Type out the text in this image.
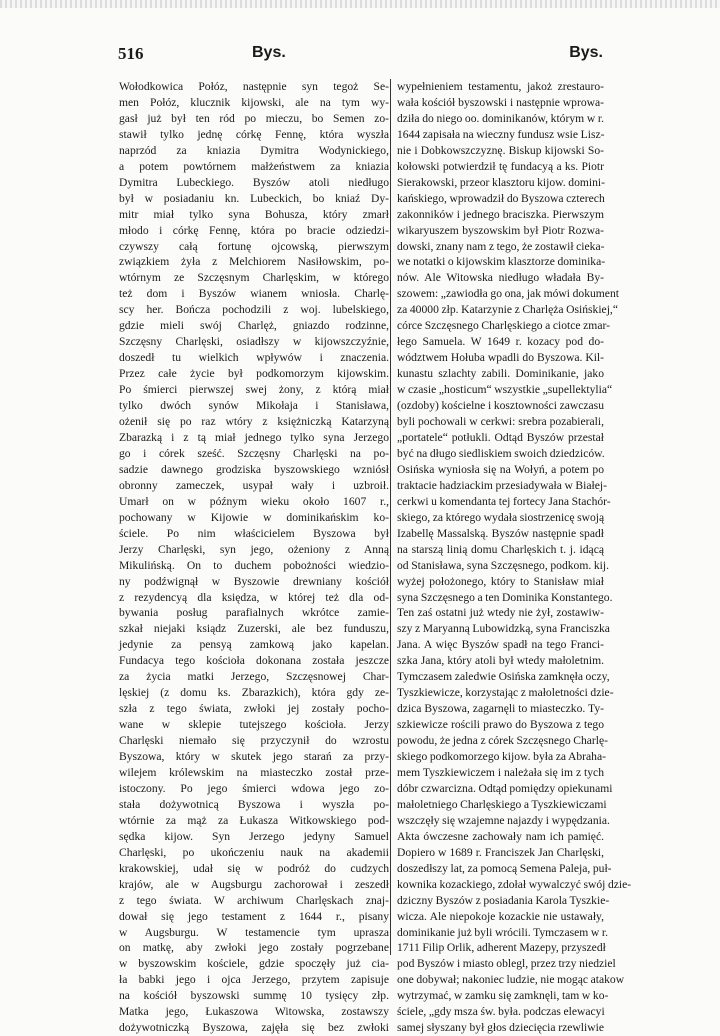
516	Bys.	Bys.
Wołodkowica Połóz, następnie syn tegoż Se-
men Połóz, klucznik kijowski, ale na tym wy-
gasł już był ten ród po mieczu, bo Semen zo-
stawił tylko jednę córkę Fennę, która wyszła
naprzód za kniazia Dymitra Wodynickiego,
a potem powtórnem małżeństwem za kniazia
Dymitra Lubeckiego. Byszów atoli niedługo
był w posiadaniu kn. Lubeckich, bo kniaź Dy-
mitr miał tylko syna Bohusza, który zmarł
młodo i córkę Fennę, która po bracie odziedzi-
czywszy całą fortunę ojcowską, pierwszym
związkiem żyła z Melchiorem Nasiłowskim, po-
wtórnym ze Szczęsnym Charlęskim, w którego
też dom i Byszów wianem wniosła. Charlę-
scy her. Bończa pochodzili z woj. lubelskiego,
gdzie mieli swój Charlęż, gniazdo rodzinne,
Szczęsny Charlęski, osiadłszy w kijowszczyźnie,
doszedł tu wielkich wpływów i znaczenia.
Przez całe życie był podkomorzym kijowskim.
Po śmierci pierwszej swej żony, z którą miał
tylko dwóch synów Mikołaja i Stanisława,
ożenił się po raz wtóry z księżniczką Katarzyną
Zbarazką i z tą miał jednego tylko syna Jerzego
go i córek sześć. Szczęsny Charlęski na po-
sadzie dawnego grodziska byszowskiego wzniósł
obronny zameczek, usypał wały i uzbroił.
Umarł on w późnym wieku około 1607 r.,
pochowany w Kijowie w dominikańskim ko-
ściele. Po nim właścicielem Byszowa był
Jerzy Charlęski, syn jego, ożeniony z Anną
Mikulińską. On to duchem pobożności wiedzio-
ny podźwignął w Byszowie drewniany kościół
z rezydencyą dla księdza, w której też dla od-
bywania posług parafialnych wkrótce zamie-
szkał niejaki ksiądz Zuzerski, ale bez funduszu,
jedynie za pensyą zamkową jako kapelan.
Fundacya tego kościoła dokonana została jeszcze
za życia matki Jerzego, Szczęsnowej Char-
lęskiej (z domu ks. Zbarazkich), która gdy ze-
szła z tego świata, zwłoki jej zostały pocho-
wane w sklepie tutejszego kościoła. Jerzy
Charlęski niemało się przyczynił do wzrostu
Byszowa, który w skutek jego starań za przy-
wilejem królewskim na miasteczko został prze-
istoczony. Po jego śmierci wdowa jego zo-
stała dożywotnicą Byszowa i wyszła po-
wtórnie za mąż za Łukasza Witkowskiego pod-
sędka kijow. Syn Jerzego jedyny Samuel
Charlęski, po ukończeniu nauk na akademii
krakowskiej, udał się w podróż do cudzych
krajów, ale w Augsburgu zachorował i zeszedł
z tego świata. W archiwum Charlęskach znaj-
dował się jego testament z 1644 r., pisany
w Augsburgu. W testamencie tym uprasza
on matkę, aby zwłoki jego zostały pogrzebane
w byszowskim kościele, gdzie spoczęły już cia-
ła babki jego i ojca Jerzego, przytem zapisuje
na kościół byszowski summę 10 tysięcy złp.
Matka jego, Łukaszowa Witowska, zostawszy
dożywotniczką Byszowa, zajęła się bez zwłoki
wypełnieniem testamentu, jakoż zrestauro-
wała kościół byszowski i następnie wprowa-
dziła do niego oo. dominikanów, którym w r.
1644 zapisała na wieczny fundusz wsie Lisz-
nie i Dobkowszczyznę. Biskup kijowski So-
kołowski potwierdził tę fundacyą a ks. Piotr
Sierakowski, przeor klasztoru kijow. domini-
kańskiego, wprowadził do Byszowa czterech
zakonników i jednego braciszka. Pierwszym
wikaryuszem byszowskim był Piotr Rozwa-
dowski, znany nam z tego, że zostawił cieka-
we notatki o kijowskim klasztorze dominika-
nów. Ale Witowska niedługo władała By-
szowem: „zawiodła go ona, jak mówi dokument
za 40000 złp. Katarzynie z Charlęża Osińskiej,“
córce Szczęsnego Charlęskiego a ciotce zmar-
łego Samuela. W 1649 r. kozacy pod do-
wództwem Hołuba wpadli do Byszowa. Kil-
kunastu szlachty zabili. Dominikanie, jako
w czasie „hosticum“ wszystkie „supellektylia“
(ozdoby) kościelne i kosztowności zawczasu
byli pochowali w cerkwi: srebra pozabierali,
„portatele“ potłukli. Odtąd Byszów przestał
być na długo siedliskiem swoich dziedziców.
Osińska wyniosła się na Wołyń, a potem po
traktacie hadziackim przesiadywała w Białej-
cerkwi u komendanta tej fortecy Jana Stachór-
skiego, za którego wydała siostrzenicę swoją
Izabellę Massalską. Byszów następnie spadł
na starszą linią domu Charlęskich t. j. idącą
od Stanisława, syna Szczęsnego, podkom. kij.
wyżej położonego, który to Stanisław miał
syna Szczęsnego a ten Dominika Konstantego.
Ten zaś ostatni już wtedy nie żył, zostawiw-
szy z Maryanną Lubowidzką, syna Franciszka
Jana. A więc Byszów spadł na tego Franci-
szka Jana, który atoli był wtedy małoletnim.
Tymczasem zaledwie Osińska zamknęła oczy,
Tyszkiewicze, korzystając z małoletności dzie-
dzica Byszowa, zagarnęli to miasteczko. Ty-
szkiewicze rościli prawo do Byszowa z tego
powodu, że jedna z córek Szczęsnego Charlę-
skiego podkomorzego kijow. była za Abraha-
mem Tyszkiewiczem i należała się im z tych
dóbr czwarcizna. Odtąd pomiędzy opiekunami
małoletniego Charlęskiego a Tyszkiewiczami
wszczęły się wzajemne najazdy i wypędzania.
Akta ówczesne zachowały nam ich pamięć.
Dopiero w 1689 r. Franciszek Jan Charlęski,
doszedłszy lat, za pomocą Semena Paleja, puł-
kownika kozackiego, zdołał wywalczyć swój dzie-
dziczny Byszów z posiadania Karola Tyszkie-
wicza. Ale niepokoje kozackie nie ustawały,
dominikanie już byli wrócili. Tymczasem w r.
1711 Filip Orlik, adherent Mazepy, przyszedł
pod Byszów i miasto oblegl, przez trzy niedziel
one dobywał; nakoniec ludzie, nie mogąc atakow
wytrzymać, w zamku się zamknęli, tam w ko-
ściele, „gdy msza św. była. podczas elewacyi
samej słyszany był głos dziecięcia rzewliwie
